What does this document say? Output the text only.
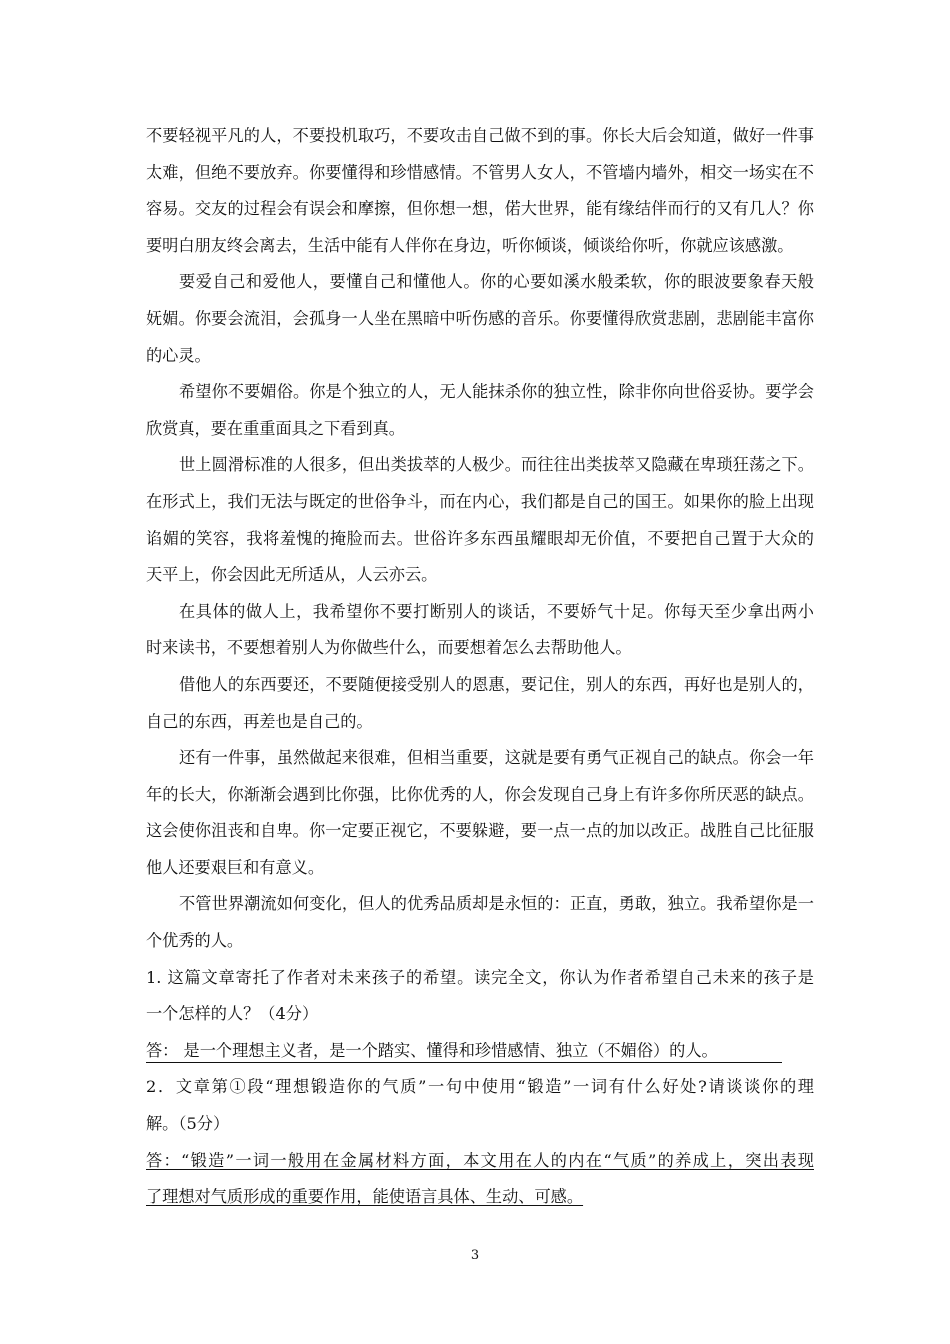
不要轻视平凡的人，不要投机取巧，不要攻击自己做不到的事。你长大后会知道，做好一件事
太难，但绝不要放弃。你要懂得和珍惜感情。不管男人女人，不管墙内墙外，相交一场实在不
容易。交友的过程会有误会和摩擦，但你想一想，偌大世界，能有缘结伴而行的又有几人？你
要明白朋友终会离去，生活中能有人伴你在身边，听你倾谈，倾谈给你听，你就应该感激。
要爱自己和爱他人，要懂自己和懂他人。你的心要如溪水般柔软，你的眼波要象春天般
妩媚。你要会流泪，会孤身一人坐在黑暗中听伤感的音乐。你要懂得欣赏悲剧，悲剧能丰富你
的心灵。
希望你不要媚俗。你是个独立的人，无人能抹杀你的独立性，除非你向世俗妥协。要学会
欣赏真，要在重重面具之下看到真。
世上圆滑标准的人很多，但出类拔萃的人极少。而往往出类拔萃又隐藏在卑琐狂荡之下。
在形式上，我们无法与既定的世俗争斗，而在内心，我们都是自己的国王。如果你的脸上出现
谄媚的笑容，我将羞愧的掩脸而去。世俗许多东西虽耀眼却无价值，不要把自己置于大众的
天平上，你会因此无所适从，人云亦云。
在具体的做人上，我希望你不要打断别人的谈话，不要娇气十足。你每天至少拿出两小
时来读书，不要想着别人为你做些什么，而要想着怎么去帮助他人。
借他人的东西要还，不要随便接受别人的恩惠，要记住，别人的东西，再好也是别人的，
自己的东西，再差也是自己的。
还有一件事，虽然做起来很难，但相当重要，这就是要有勇气正视自己的缺点。你会一年
年的长大，你渐渐会遇到比你强，比你优秀的人，你会发现自己身上有许多你所厌恶的缺点。
这会使你沮丧和自卑。你一定要正视它，不要躲避，要一点一点的加以改正。战胜自己比征服
他人还要艰巨和有意义。
不管世界潮流如何变化，但人的优秀品质却是永恒的：正直，勇敢，独立。我希望你是一
个优秀的人。
1. 这篇文章寄托了作者对未来孩子的希望。读完全文，你认为作者希望自己未来的孩子是
一个怎样的人？（4分）
答： 是一个理想主义者，是一个踏实、懂得和珍惜感情、独立（不媚俗）的人。
2．文章第①段“理想锻造你的气质”一句中使用“锻造”一词有什么好处?请谈谈你的理
解。（5分）
答：“锻造”一词一般用在金属材料方面，本文用在人的内在“气质”的养成上，突出表现
了理想对气质形成的重要作用，能使语言具体、生动、可感。
3
